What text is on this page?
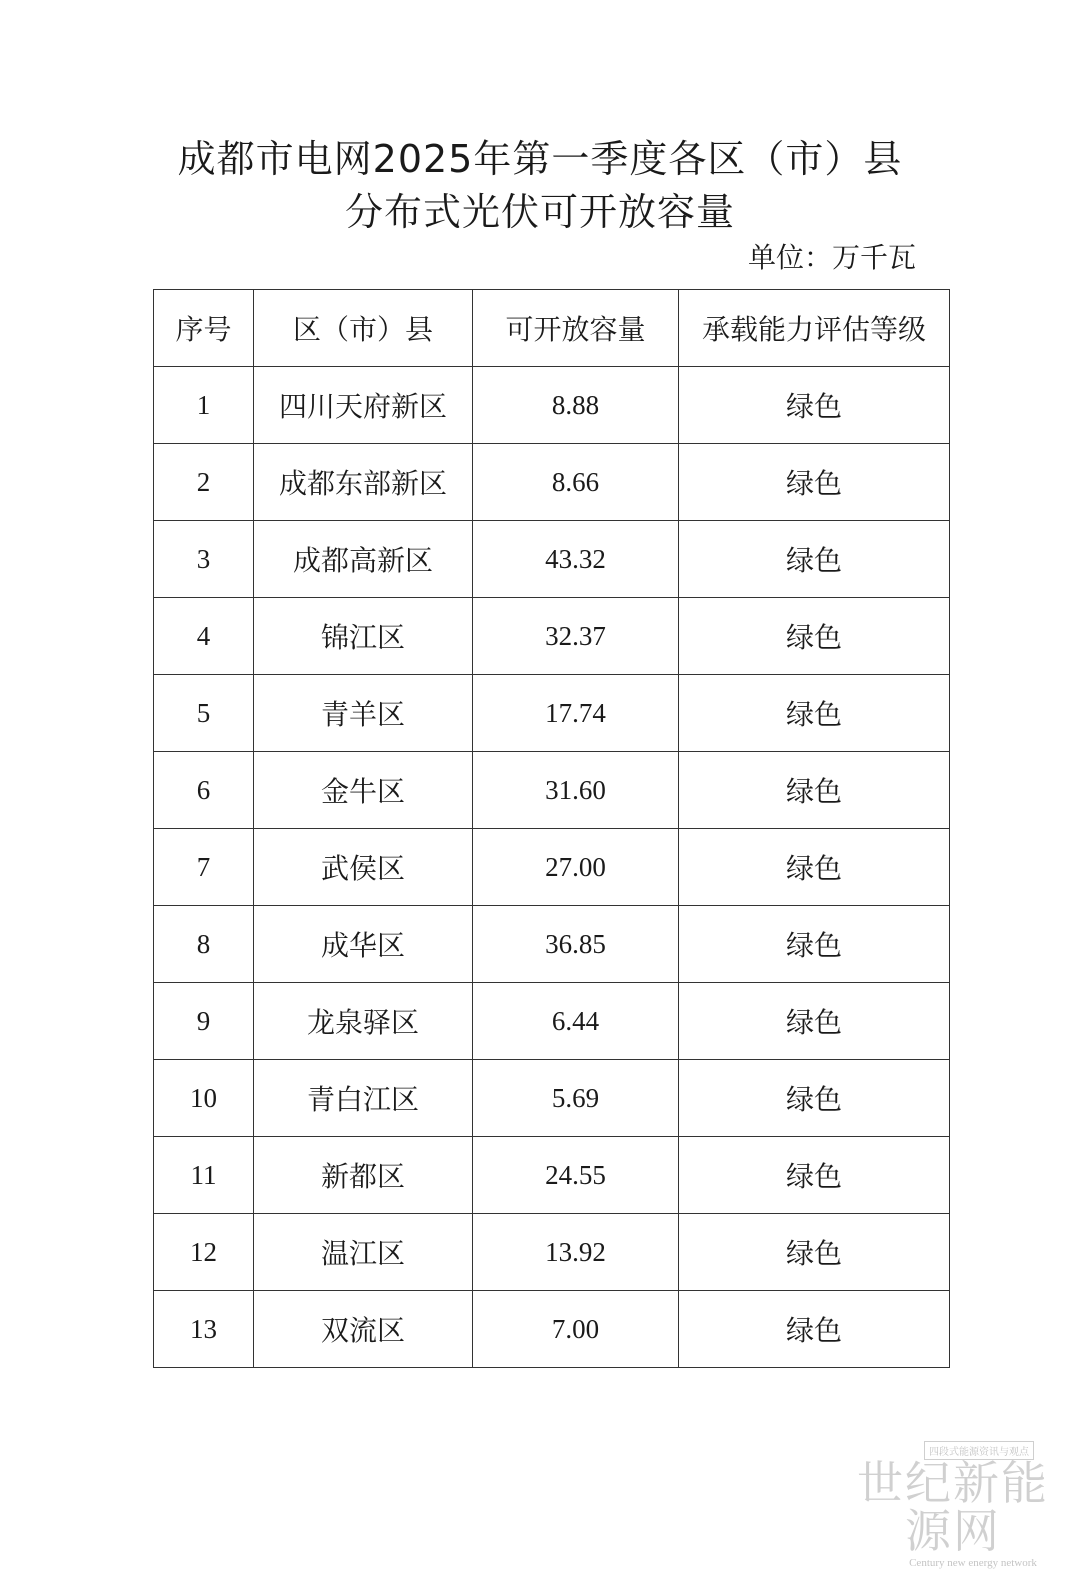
成都市电网2025年第一季度各区（市）县
分布式光伏可开放容量
单位：万千瓦
序号	区（市）县	可开放容量	承载能力评估等级
1	四川天府新区	8.88	绿色
2	成都东部新区	8.66	绿色
3	成都高新区	43.32	绿色
4	锦江区	32.37	绿色
5	青羊区	17.74	绿色
6	金牛区	31.60	绿色
7	武侯区	27.00	绿色
8	成华区	36.85	绿色
9	龙泉驿区	6.44	绿色
10	青白江区	5.69	绿色
11	新都区	24.55	绿色
12	温江区	13.92	绿色
13	双流区	7.00	绿色
四段式能源资讯与观点
世纪新能源网
Century new energy network
